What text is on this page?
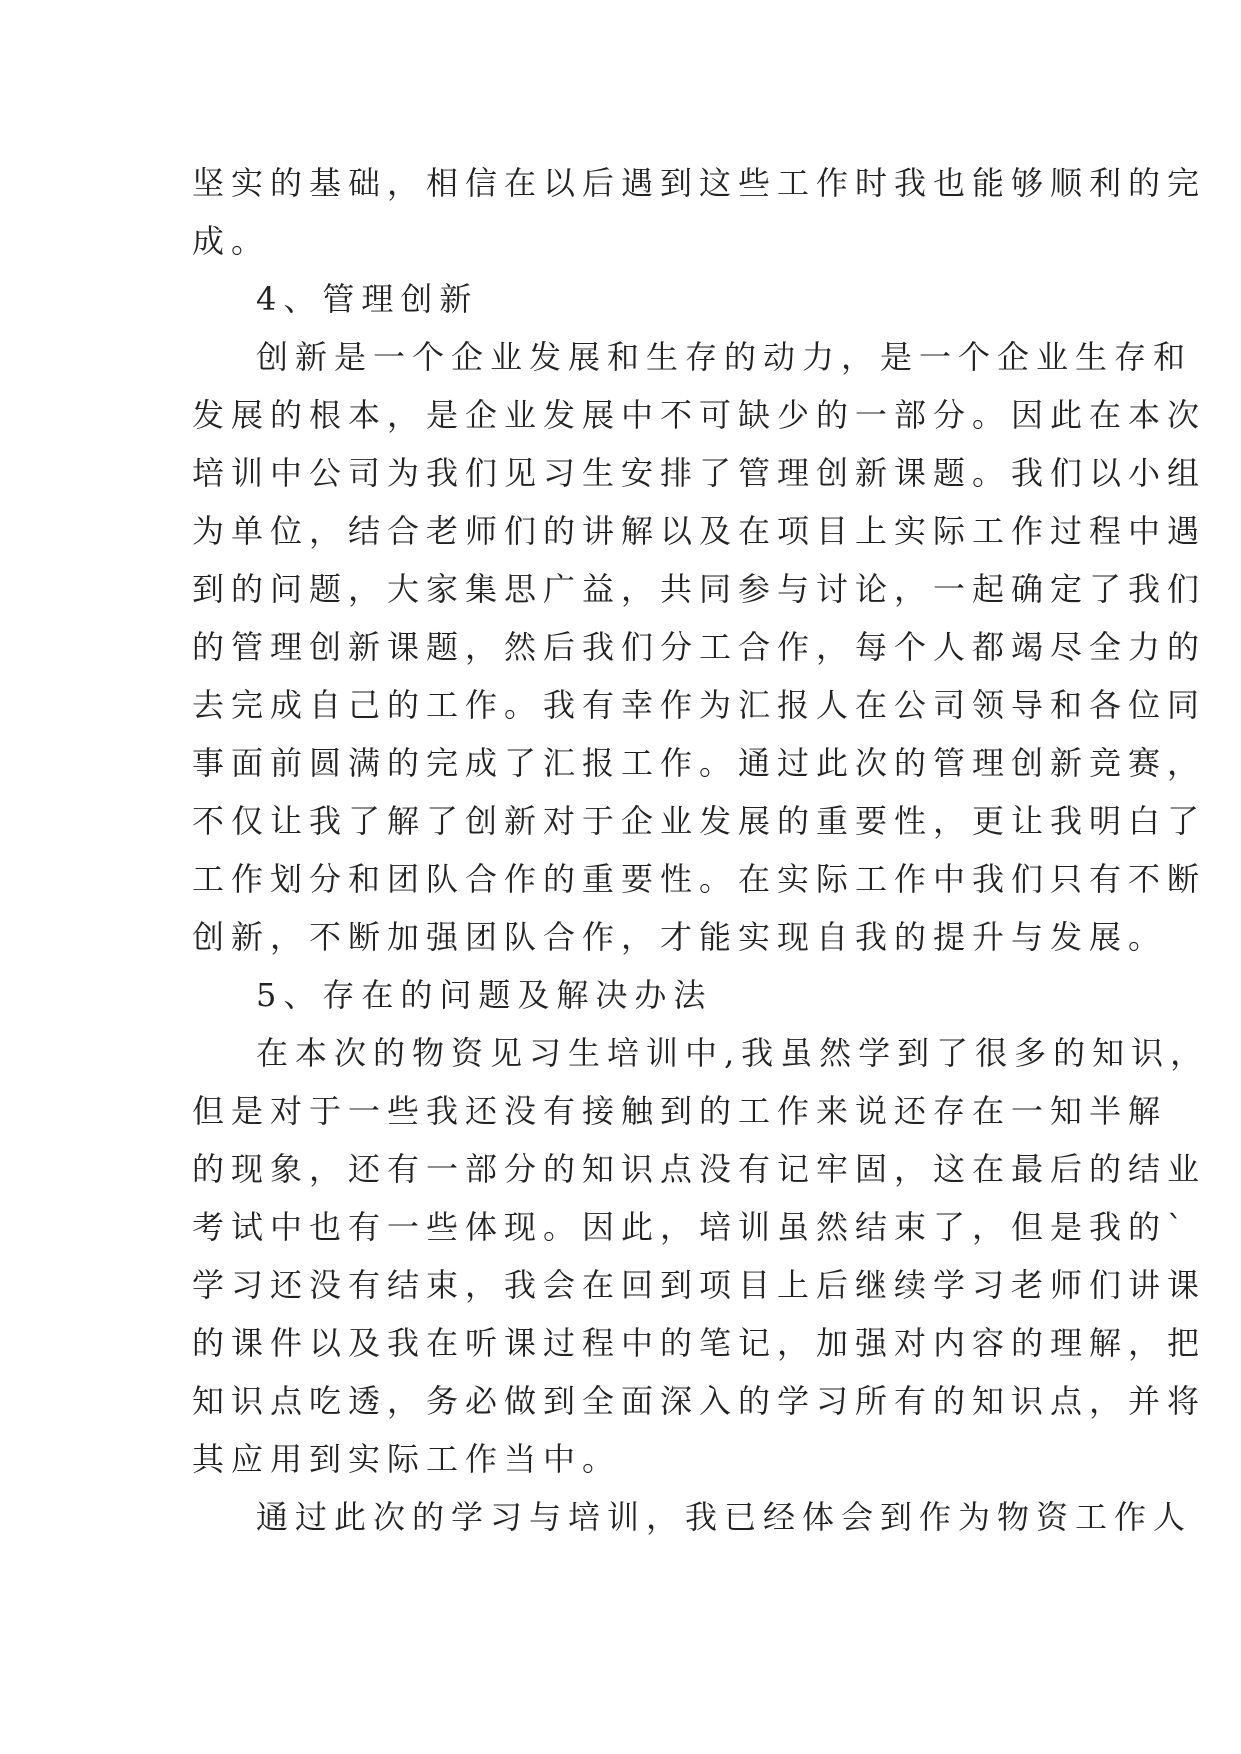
坚实的基础，相信在以后遇到这些工作时我也能够顺利的完
成。
4、管理创新
创新是一个企业发展和生存的动力，是一个企业生存和
发展的根本，是企业发展中不可缺少的一部分。因此在本次
培训中公司为我们见习生安排了管理创新课题。我们以小组
为单位，结合老师们的讲解以及在项目上实际工作过程中遇
到的问题，大家集思广益，共同参与讨论，一起确定了我们
的管理创新课题，然后我们分工合作，每个人都竭尽全力的
去完成自己的工作。我有幸作为汇报人在公司领导和各位同
事面前圆满的完成了汇报工作。通过此次的管理创新竞赛，
不仅让我了解了创新对于企业发展的重要性，更让我明白了
工作划分和团队合作的重要性。在实际工作中我们只有不断
创新，不断加强团队合作，才能实现自我的提升与发展。
5、存在的问题及解决办法
在本次的物资见习生培训中,我虽然学到了很多的知识，
但是对于一些我还没有接触到的工作来说还存在一知半解
的现象，还有一部分的知识点没有记牢固，这在最后的结业
考试中也有一些体现。因此，培训虽然结束了，但是我的`
学习还没有结束，我会在回到项目上后继续学习老师们讲课
的课件以及我在听课过程中的笔记，加强对内容的理解，把
知识点吃透，务必做到全面深入的学习所有的知识点，并将
其应用到实际工作当中。
通过此次的学习与培训，我已经体会到作为物资工作人
